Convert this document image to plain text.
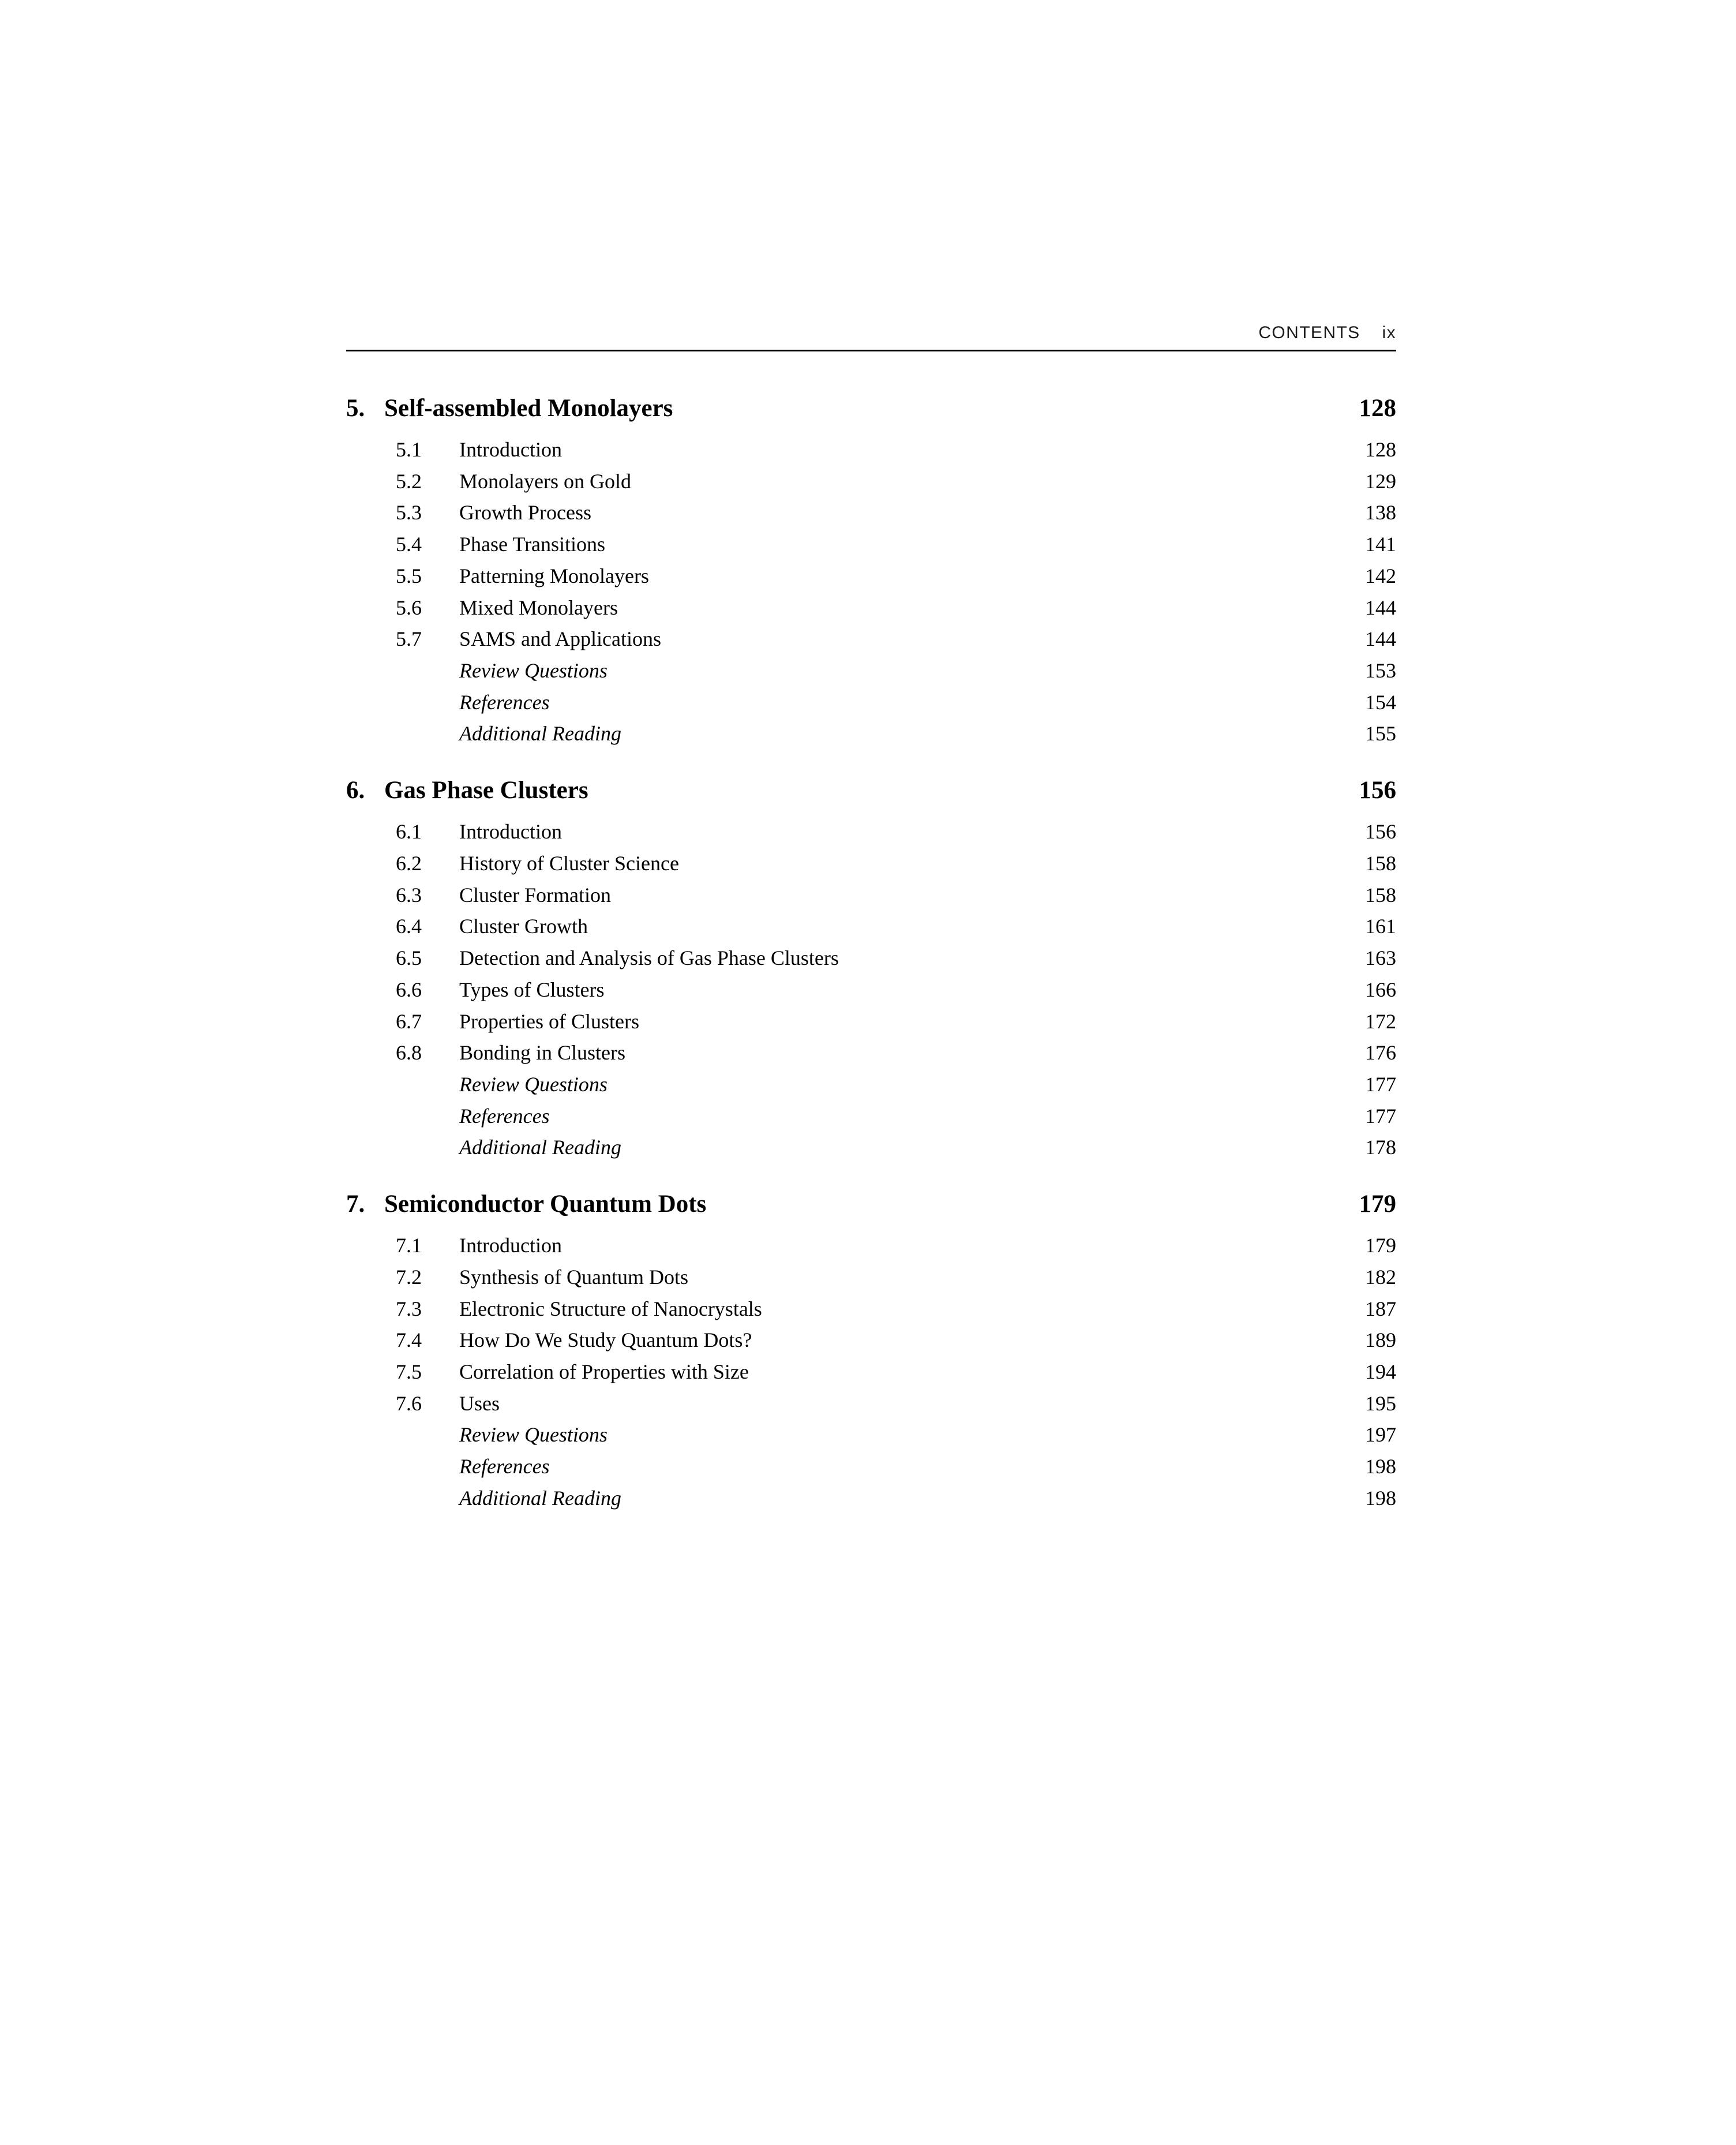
CONTENTS ix
5. Self-assembled Monolayers	128
5.1	Introduction	128
5.2	Monolayers on Gold	129
5.3	Growth Process	138
5.4	Phase Transitions	141
5.5	Patterning Monolayers	142
5.6	Mixed Monolayers	144
5.7	SAMS and Applications	144
Review Questions	153
References	154
Additional Reading	155
6. Gas Phase Clusters	156
6.1	Introduction	156
6.2	History of Cluster Science	158
6.3	Cluster Formation	158
6.4	Cluster Growth	161
6.5	Detection and Analysis of Gas Phase Clusters	163
6.6	Types of Clusters	166
6.7	Properties of Clusters	172
6.8	Bonding in Clusters	176
Review Questions	177
References	177
Additional Reading	178
7. Semiconductor Quantum Dots	179
7.1	Introduction	179
7.2	Synthesis of Quantum Dots	182
7.3	Electronic Structure of Nanocrystals	187
7.4	How Do We Study Quantum Dots?	189
7.5	Correlation of Properties with Size	194
7.6	Uses	195
Review Questions	197
References	198
Additional Reading	198
